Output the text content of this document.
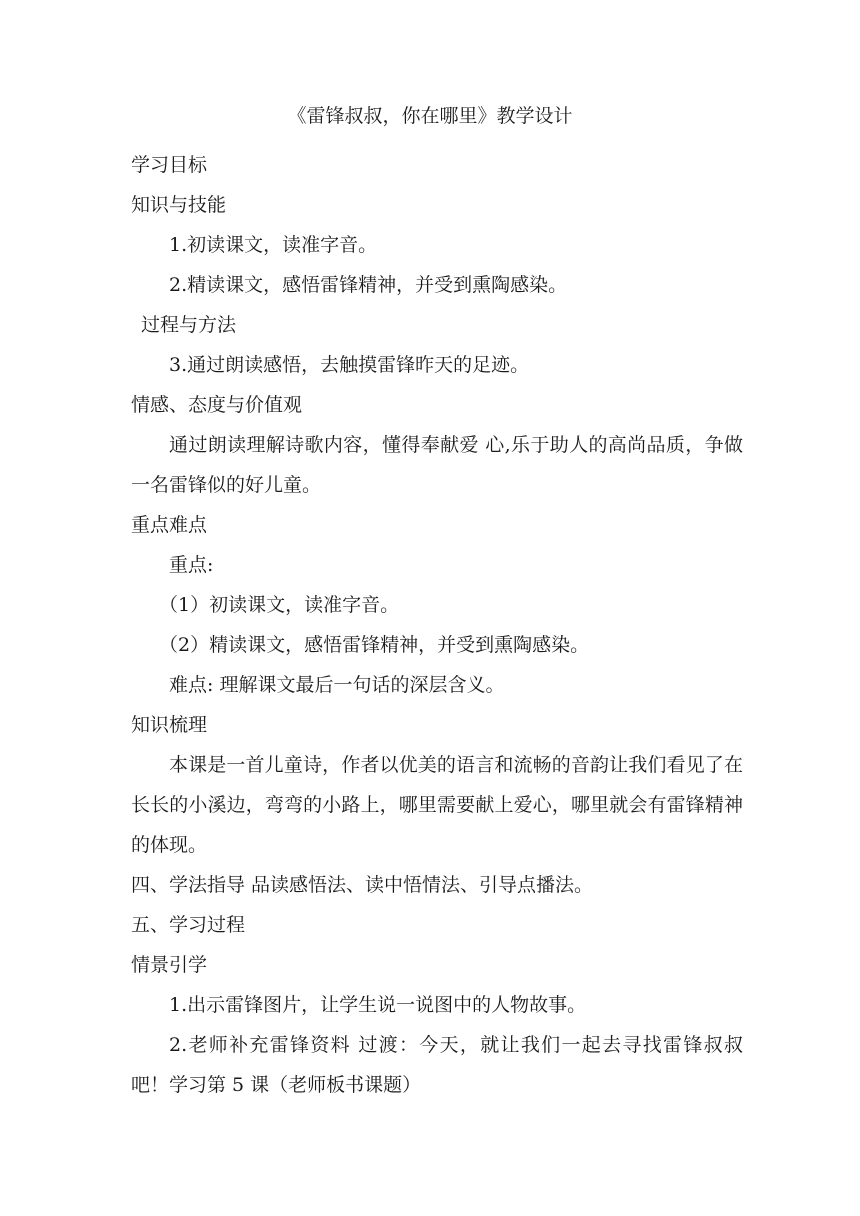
《雷锋叔叔，你在哪里》教学设计
学习目标
知识与技能
1.初读课文，读准字音。
2.精读课文，感悟雷锋精神，并受到熏陶感染。
过程与方法
3.通过朗读感悟，去触摸雷锋昨天的足迹。
情感、态度与价值观
通过朗读理解诗歌内容，懂得奉献爱 心,乐于助人的高尚品质，争做一名雷锋似的好儿童。
重点难点
重点:
（1）初读课文，读准字音。
（2）精读课文，感悟雷锋精神，并受到熏陶感染。
难点: 理解课文最后一句话的深层含义。
知识梳理
本课是一首儿童诗，作者以优美的语言和流畅的音韵让我们看见了在长长的小溪边，弯弯的小路上，哪里需要献上爱心，哪里就会有雷锋精神的体现。
四、学法指导 品读感悟法、读中悟情法、引导点播法。
五、学习过程
情景引学
1.出示雷锋图片，让学生说一说图中的人物故事。
2.老师补充雷锋资料 过渡：今天，就让我们一起去寻找雷锋叔叔吧！学习第 5 课（老师板书课题）
